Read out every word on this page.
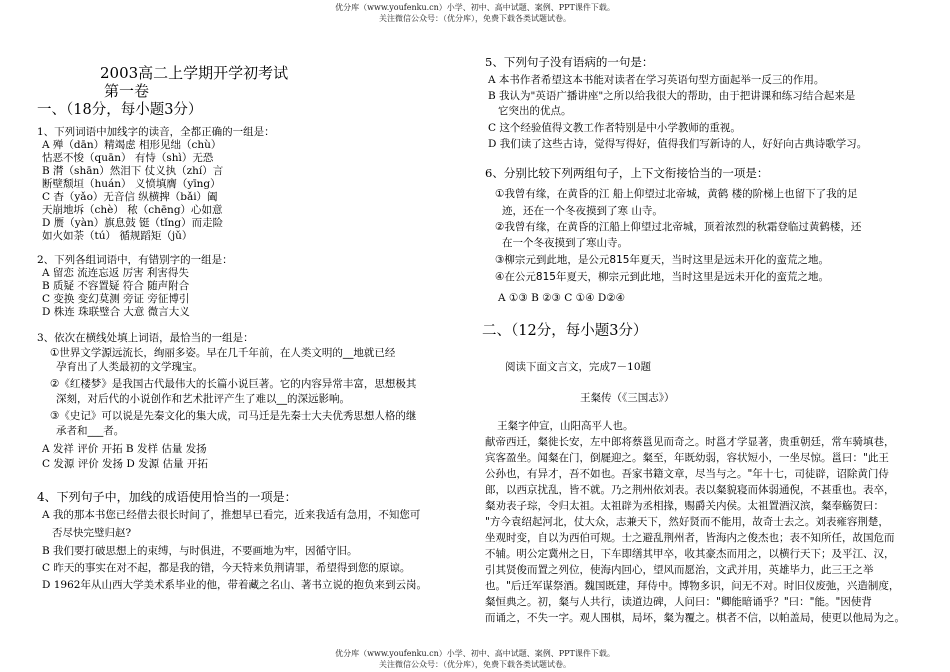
优分库（www.youfenku.cn）小学、初中、高中试题、案例、PPT课件下载。
关注微信公众号：（优分库），免费下载各类试题试卷。
2003高二上学期开学初考试
第一卷
一、（18分，每小题3分）
1、下列词语中加线字的读音，全都正确的一组是：
A 殚（dān）精竭虑 相形见绌（chù）
怙恶不悛（quān） 有恃（shì）无恐
B 潸（shān）然泪下 仗义执（zhí）言
断壁颓垣（huán） 义愤填膺（yīng）
C 杳（yǎo）无音信 纵横捭（bǎi）阖
天崩地坼（chè） 秾（chēng）心如意
D 赝（yàn）旗息鼓 铤（tǐng）而走险
如火如荼（tú） 循规蹈矩（jǔ）
2、下列各组词语中，有错别字的一组是：
A 留恋 流连忘返 厉害 利害得失
B 质疑 不容置疑 符合 随声附合
C 变换 变幻莫测 旁证 旁征博引
D 株连 珠联璧合 大意 微言大义
3、依次在横线处填上词语，最恰当的一组是：
①世界文学源远流长，绚丽多姿。早在几千年前，在人类文明的__地就已经
孕育出了人类最初的文学瑰宝。
②《红楼梦》是我国古代最伟大的长篇小说巨著。它的内容异常丰富，思想极其
深刻，对后代的小说创作和艺术批评产生了难以__的深远影响。
③《史记》可以说是先秦文化的集大成，司马迁是先秦士大夫优秀思想人格的继
承者和___者。
A 发祥 评价 开拓 B 发样 估量 发扬
C 发源 评价 发扬 D 发源 估量 开拓
4、下列句子中，加线的成语使用恰当的一项是：
A 我的那本书您已经借去很长时间了，推想早已看完，近来我适有急用，不知您可
否尽快完璧归赵?
B 我们要打破思想上的束缚，与时俱进，不要画地为牢，因循守旧。
C 昨天的事实在对不起，都是我的错，今天特来负荆请罪，希望得到您的原谅。
D 1962年从山西大学美术系毕业的他，带着藏之名山、著书立说的抱负来到云岗。
5、下列句子没有语病的一句是：
A 本书作者希望这本书能对读者在学习英语句型方面起举一反三的作用。
B 我认为"英语广播讲座"之所以给我很大的帮助，由于把讲课和练习结合起来是
它突出的优点。
C 这个经验值得文教工作者特别是中小学教师的重视。
D 我们读了这些古诗，觉得写得好，值得我们写新诗的人，好好向古典诗歌学习。
6、分别比较下列两组句子，上下文衔接恰当的一项是：
①我曾有缘，在黄昏的江 船上仰望过北帝城，黄鹤 楼的阶梯上也留下了我的足
迹，还在一个冬夜摸到了寒 山寺。
②我曾有缘，在黄昏的江船上仰望过北帝城，顶着浓烈的秋霜登临过黄鹤楼，还
在一个冬夜摸到了寒山寺。
③柳宗元到此地，是公元815年夏天，当时这里是远未开化的蛮荒之地。
④在公元815年夏天，柳宗元到此地，当时这里是远未开化的蛮荒之地。
A ①③ B ②③ C ①④ D②④
二、（12分，每小题3分）
阅读下面文言文，完成7－10题
王粲传（《三国志》）
王粲字仲宣，山阳高平人也。
献帝西迁，粲徙长安，左中郎将蔡邕见而奇之。时邕才学显著，贵重朝廷，常车骑填巷，
宾客盈坐。闻粲在门，倒屣迎之。粲至，年既幼弱，容状短小，一坐尽惊。邕曰："此王
公孙也，有异才，吾不如也。吾家书籍文章，尽当与之。"年十七，司徒辟，诏除黄门侍
郎，以西京扰乱，皆不就。乃之荆州依刘表。表以粲貌寝而体弱通倪，不甚重也。表卒，
粲劝表子琮，令归太祖。太祖辟为丞相掾，赐爵关内侯。太祖置酒汉滨，粲奉觞贺曰：
"方今袁绍起河北，仗大众，志兼天下，然好贤而不能用，故奇士去之。刘表雍容荆楚，
坐观时变，自以为西伯可规。士之避乱荆州者，皆海内之俊杰也；表不知所任，故国危而
不辅。明公定冀州之日，下车即缮其甲卒，收其豪杰而用之，以横行天下；及平江、汉，
引其贤俊而置之列位，使海内回心，望风而愿治，文武并用，英雄毕力，此三王之举
也。"后迁军谋祭酒。魏国既建，拜侍中。博物多识，问无不对。时旧仪废弛，兴造制度，
粲恒典之。初，粲与人共行，读道边碑，人问曰："卿能暗诵乎？"曰："能。"因使背
而诵之，不失一字。观人围棋，局坏，粲为覆之。棋者不信，以帕盖局，使更以他局为之。
优分库（www.youfenku.cn）小学、初中、高中试题、案例、PPT课件下载。
关注微信公众号：（优分库），免费下载各类试题试卷。
